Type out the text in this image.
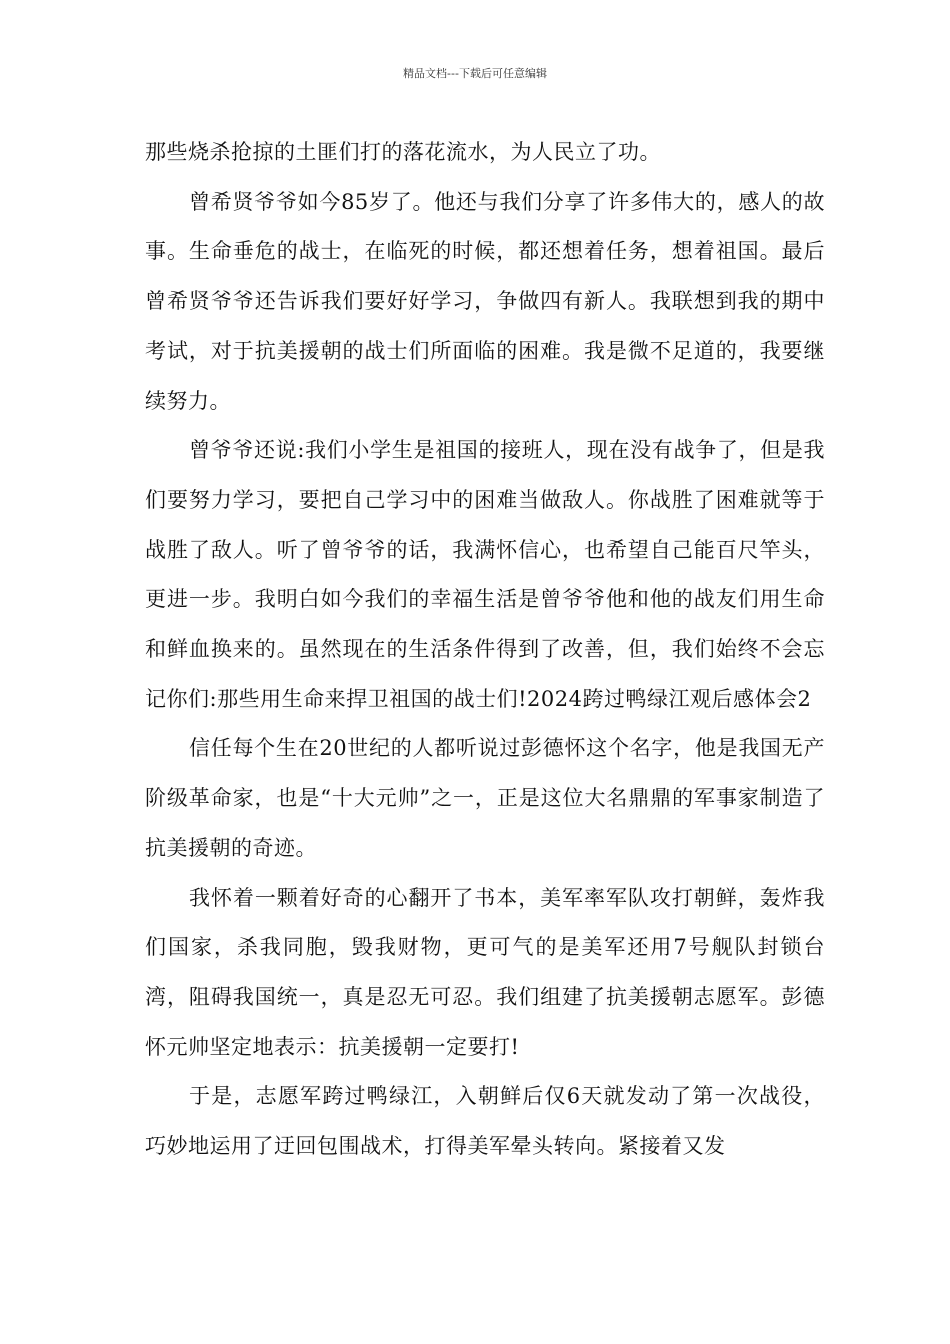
精品文档---下载后可任意编辑

那些烧杀抢掠的土匪们打的落花流水，为人民立了功。

曾希贤爷爷如今85岁了。他还与我们分享了许多伟大的，感人的故事。生命垂危的战士，在临死的时候，都还想着任务，想着祖国。最后曾希贤爷爷还告诉我们要好好学习，争做四有新人。我联想到我的期中考试，对于抗美援朝的战士们所面临的困难。我是微不足道的，我要继续努力。

曾爷爷还说:我们小学生是祖国的接班人，现在没有战争了，但是我们要努力学习，要把自己学习中的困难当做敌人。你战胜了困难就等于战胜了敌人。听了曾爷爷的话，我满怀信心，也希望自己能百尺竿头，更进一步。我明白如今我们的幸福生活是曾爷爷他和他的战友们用生命和鲜血换来的。虽然现在的生活条件得到了改善，但，我们始终不会忘记你们:那些用生命来捍卫祖国的战士们!2024跨过鸭绿江观后感体会2

信任每个生在20世纪的人都听说过彭德怀这个名字，他是我国无产阶级革命家，也是“十大元帅”之一，正是这位大名鼎鼎的军事家制造了抗美援朝的奇迹。

我怀着一颗着好奇的心翻开了书本，美军率军队攻打朝鲜，轰炸我们国家，杀我同胞，毁我财物，更可气的是美军还用7号舰队封锁台湾，阻碍我国统一，真是忍无可忍。我们组建了抗美援朝志愿军。彭德怀元帅坚定地表示：抗美援朝一定要打!

于是，志愿军跨过鸭绿江，入朝鲜后仅6天就发动了第一次战役，巧妙地运用了迂回包围战术，打得美军晕头转向。紧接着又发
